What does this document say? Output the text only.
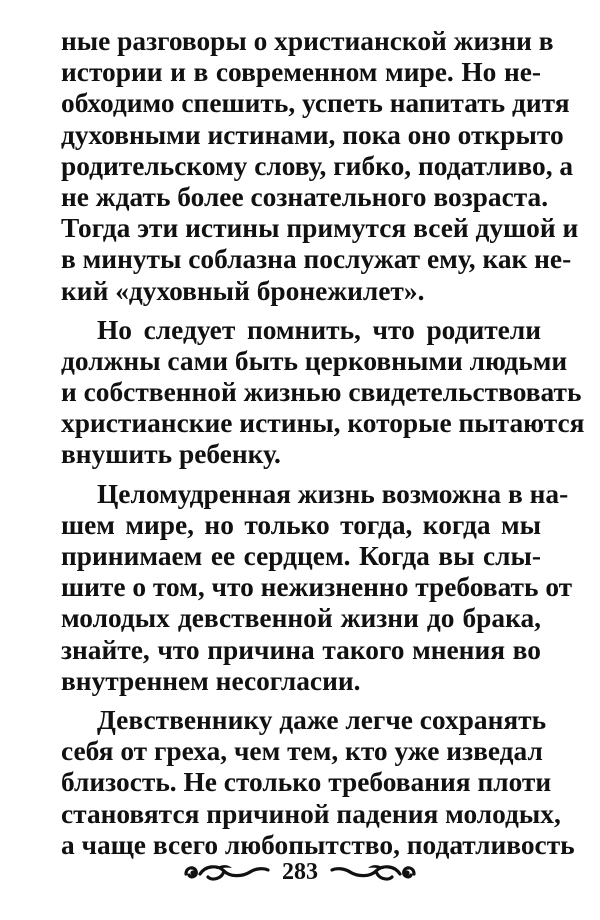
ные разговоры о христианской жизни в
истории и в современном мире. Но не-
обходимо спешить, успеть напитать дитя
духовными истинами, пока оно открыто
родительскому слову, гибко, податливо, а
не ждать более сознательного возраста.
Тогда эти истины примутся всей душой и
в минуты соблазна послужат ему, как не-
кий «духовный бронежилет».
Но следует помнить, что родители
должны сами быть церковными людьми
и собственной жизнью свидетельствовать
христианские истины, которые пытаются
внушить ребенку.
Целомудренная жизнь возможна в на-
шем мире, но только тогда, когда мы
принимаем ее сердцем. Когда вы слы-
шите о том, что нежизненно требовать от
молодых девственной жизни до брака,
знайте, что причина такого мнения во
внутреннем несогласии.
Девственнику даже легче сохранять
себя от греха, чем тем, кто уже изведал
близость. Не столько требования плоти
становятся причиной падения молодых,
а чаще всего любопытство, податливость
283
